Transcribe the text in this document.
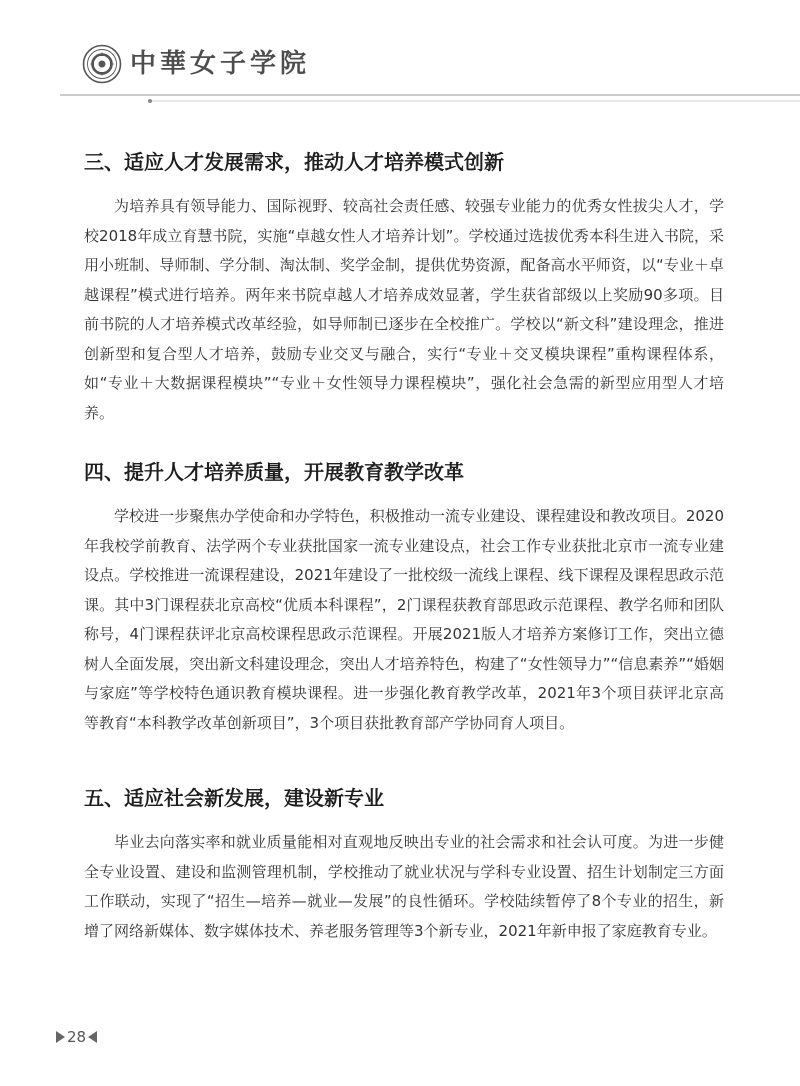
中華女子学院
三、适应人才发展需求，推动人才培养模式创新

为培养具有领导能力、国际视野、较高社会责任感、较强专业能力的优秀女性拔尖人才，学校2018年成立育慧书院，实施“卓越女性人才培养计划”。学校通过选拔优秀本科生进入书院，采用小班制、导师制、学分制、淘汰制、奖学金制，提供优势资源，配备高水平师资，以“专业＋卓越课程”模式进行培养。两年来书院卓越人才培养成效显著，学生获省部级以上奖励90多项。目前书院的人才培养模式改革经验，如导师制已逐步在全校推广。学校以“新文科”建设理念，推进创新型和复合型人才培养，鼓励专业交叉与融合，实行“专业＋交叉模块课程”重构课程体系，如“专业＋大数据课程模块”“专业＋女性领导力课程模块”，强化社会急需的新型应用型人才培养。

四、提升人才培养质量，开展教育教学改革

学校进一步聚焦办学使命和办学特色，积极推动一流专业建设、课程建设和教改项目。2020年我校学前教育、法学两个专业获批国家一流专业建设点，社会工作专业获批北京市一流专业建设点。学校推进一流课程建设，2021年建设了一批校级一流线上课程、线下课程及课程思政示范课。其中3门课程获北京高校“优质本科课程”，2门课程获教育部思政示范课程、教学名师和团队称号，4门课程获评北京高校课程思政示范课程。开展2021版人才培养方案修订工作，突出立德树人全面发展，突出新文科建设理念，突出人才培养特色，构建了“女性领导力”“信息素养”“婚姻与家庭”等学校特色通识教育模块课程。进一步强化教育教学改革，2021年3个项目获评北京高等教育“本科教学改革创新项目”，3个项目获批教育部产学协同育人项目。

五、适应社会新发展，建设新专业

毕业去向落实率和就业质量能相对直观地反映出专业的社会需求和社会认可度。为进一步健全专业设置、建设和监测管理机制，学校推动了就业状况与学科专业设置、招生计划制定三方面工作联动，实现了“招生—培养—就业—发展”的良性循环。学校陆续暂停了8个专业的招生，新增了网络新媒体、数字媒体技术、养老服务管理等3个新专业，2021年新申报了家庭教育专业。

28
